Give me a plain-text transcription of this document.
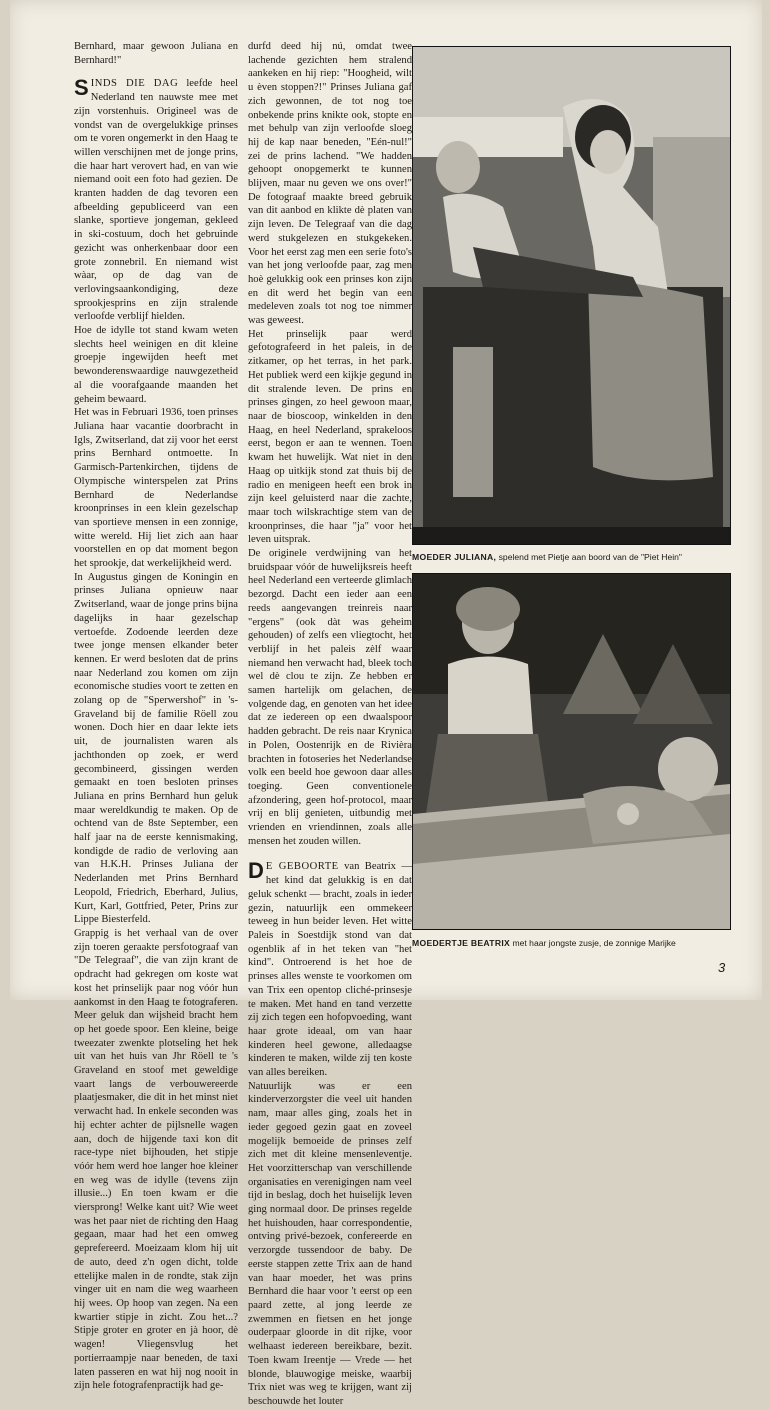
Bernhard, maar gewoon Juliana en Bernhard!"

SINDS DIE DAG leefde heel Nederland ten nauwste mee met zijn vorstenhuis. Origineel was de vondst van de overgelukkige prinses om te voren ongemerkt in den Haag te willen verschijnen met de jonge prins, die haar hart verovert had, en van wie niemand ooit een foto had gezien. De kranten hadden de dag tevoren een afbeelding gepubliceerd van een slanke, sportieve jongeman, gekleed in ski-costuum, doch het gebruinde gezicht was onherkenbaar door een grote zonnebril. En niemand wist wàar, op de dag van de verlovingsaankondiging, deze sprookjesprins en zijn stralende verloofde verblijf hielden.

Hoe de idylle tot stand kwam weten slechts heel weinigen en dit kleine groepje ingewijden heeft met bewonderenswaardige nauwgezetheid al die voorafgaande maanden het geheim bewaard.

Het was in Februari 1936, toen prinses Juliana haar vacantie doorbracht in Igls, Zwitserland, dat zij voor het eerst prins Bernhard ontmoette. In Garmisch-Partenkirchen, tijdens de Olympische winterspelen zat Prins Bernhard de Nederlandse kroonprinses in een klein gezelschap van sportieve mensen in een zonnige, witte wereld. Hij liet zich aan haar voorstellen en op dat moment begon het sprookje, dat werkelijkheid werd.

In Augustus gingen de Koningin en prinses Juliana opnieuw naar Zwitserland, waar de jonge prins bijna dagelijks in haar gezelschap vertoefde. Zodoende leerden deze twee jonge mensen elkander beter kennen. Er werd besloten dat de prins naar Nederland zou komen om zijn economische studies voort te zetten en zolang op de "Sperwershof" in 's-Graveland bij de familie Röell zou wonen. Doch hier en daar lekte iets uit, de journalisten waren als jachthonden op zoek, er werd gecombineerd, gissingen werden gemaakt en toen besloten prinses Juliana en prins Bernhard hun geluk maar wereldkundig te maken. Op de ochtend van de 8ste September, een half jaar na de eerste kennismaking, kondigde de radio de verloving aan van H.K.H. Prinses Juliana der Nederlanden met Prins Bernhard Leopold, Friedrich, Eberhard, Julius, Kurt, Karl, Gottfried, Peter, Prins zur Lippe Biesterfeld.

Grappig is het verhaal van de over zijn toeren geraakte persfotograaf van "De Telegraaf", die van zijn krant de opdracht had gekregen om koste wat kost het prinselijk paar nog vóór hun aankomst in den Haag te fotograferen. Meer geluk dan wijsheid bracht hem op het goede spoor. Een kleine, beige tweezater zwenkte plotseling het hek uit van het huis van Jhr Röell te 's Graveland en stoof met geweldige vaart langs de verbouwereerde plaatjesmaker, die dit in het minst niet verwacht had. In enkele seconden was hij echter achter de pijlsnelle wagen aan, doch de hijgende taxi kon dit race-type niet bijhouden, het stipje vóór hem werd hoe langer hoe kleiner en weg was de idylle (tevens zijn illusie...) En toen kwam er die viersprong! Welke kant uit? Wie weet was het paar niet de richting den Haag gegaan, maar had het een omweg geprefereerd. Moeizaam klom hij uit de auto, deed z'n ogen dicht, tolde ettelijke malen in de rondte, stak zijn vinger uit en nam die weg waarheen hij wees. Op hoop van zegen. Na een kwartier stipje in zicht. Zou het...? Stipje groter en groter en jà hoor, dè wagen! Vliegensvlug het portierraampje naar beneden, de taxi laten passeren en wat hij nog nooit in zijn hele fotografenpractijk had ge-

durfd deed hij nú, omdat twee lachende gezichten hem stralend aankeken en hij riep: "Hoogheid, wilt u èven stoppen?!" Prinses Juliana gaf zich gewonnen, de tot nog toe onbekende prins knikte ook, stopte en met behulp van zijn verloofde sloeg hij de kap naar beneden, "Eén-nul!" zei de prins lachend. "We hadden gehoopt onopgemerkt te kunnen blijven, maar nu geven we ons over!" De fotograaf maakte breed gebruik van dit aanbod en klikte dè platen van zijn leven. De Telegraaf van die dag werd stukgelezen en stukgekeken. Voor het eerst zag men een serie foto's van het jong verloofde paar, zag men hoè gelukkig ook een prinses kon zijn en dit werd het begin van een medeleven zoals tot nog toe nimmer was geweest.

Het prinselijk paar werd gefotografeerd in het paleis, in de zitkamer, op het terras, in het park. Het publiek werd een kijkje gegund in dit stralende leven. De prins en prinses gingen, zo heel gewoon maar, naar de bioscoop, winkelden in den Haag, en heel Nederland, sprakeloos eerst, begon er aan te wennen. Toen kwam het huwelijk. Wat niet in den Haag op uitkijk stond zat thuis bij de radio en menigeen heeft een brok in zijn keel geluisterd naar die zachte, maar toch wilskrachtige stem van de kroonprinses, die haar "ja" voor het leven uitsprak.

De originele verdwijning van het bruidspaar vóór de huwelijksreis heeft heel Nederland een verteerde glimlach bezorgd. Dacht een ieder aan een reeds aangevangen treinreis naar "ergens" (ook dàt was geheim gehouden) of zelfs een vliegtocht, het verblijf in het paleis zèlf waar niemand hen verwacht had, bleek toch wel dè clou te zijn. Ze hebben er samen hartelijk om gelachen, de volgende dag, en genoten van het idee dat ze iedereen op een dwaalspoor hadden gebracht. De reis naar Krynica in Polen, Oostenrijk en de Rivièra brachten in fotoseries het Nederlandse volk een beeld hoe gewoon daar alles toeging. Geen conventionele afzondering, geen hof-protocol, maar vrij en blij genieten, uitbundig met vrienden en vriendinnen, zoals alle mensen het zouden willen.

D E GEBOORTE van Beatrix — het kind dat gelukkig is en dat geluk schenkt — bracht, zoals in ieder gezin, natuurlijk een ommekeer teweeg in hun beider leven. Het witte Paleis in Soestdijk stond van dat ogenblik af in het teken van "het kind". Ontroerend is het hoe de prinses alles wenste te voorkomen om van Trix een opentop cliché-prinsesje te maken. Met hand en tand verzette zij zich tegen een hofopvoeding, want haar grote ideaal, om van haar kinderen heel gewone, alledaagse kinderen te maken, wilde zij ten koste van alles bereiken.

Natuurlijk was er een kinderverzorgster die veel uit handen nam, maar alles ging, zoals het in ieder gegoed gezin gaat en zoveel mogelijk bemoeide de prinses zelf zich met dit kleine mensenleventje. Het voorzitterschap van verschillende organisaties en verenigingen nam veel tijd in beslag, doch het huiselijk leven ging normaal door. De prinses regelde het huishouden, haar correspondentie, ontving privé-bezoek, confereerde en verzorgde tussendoor de baby. De eerste stappen zette Trix aan de hand van haar moeder, het was prins Bernhard die haar voor 't eerst op een paard zette, al jong leerde ze zwemmen en fietsen en het jonge ouderpaar gloorde in dit rijke, voor welhaast iedereen bereikbare, bezit. Toen kwam Ireentje — Vrede — het blonde, blauwogige meiske, waarbij Trix niet was weg te krijgen, want zij beschouwde het louter

MOEDER JULIANA, spelend met Pietje aan boord van de "Piet Hein"
MOEDERTJE BEATRIX met haar jongste zusje, de zonnige Marijke
3
